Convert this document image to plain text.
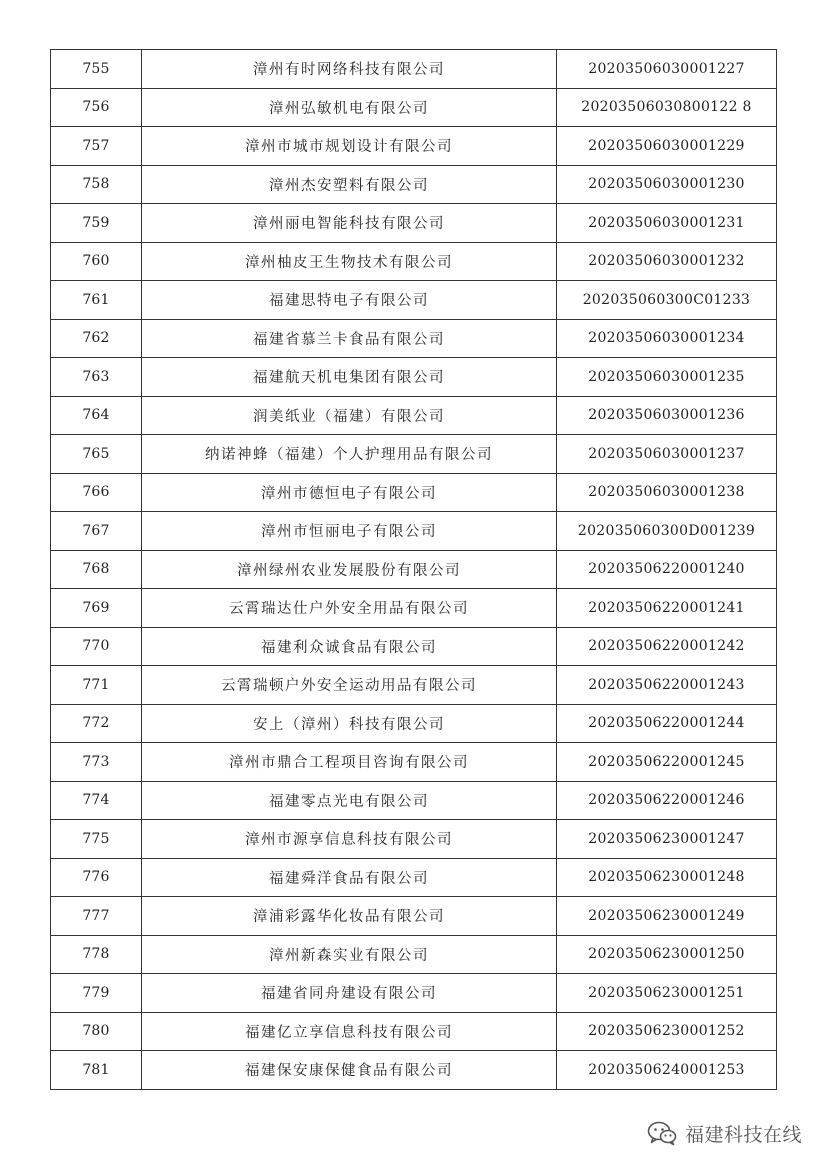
755	漳州有时网络科技有限公司	20203506030001227
756	漳州弘敏机电有限公司	20203506030800122 8
757	漳州市城市规划设计有限公司	20203506030001229
758	漳州杰安塑料有限公司	20203506030001230
759	漳州丽电智能科技有限公司	20203506030001231
760	漳州柚皮王生物技术有限公司	20203506030001232
761	福建思特电子有限公司	202035060300C01233
762	福建省慕兰卡食品有限公司	20203506030001234
763	福建航天机电集团有限公司	20203506030001235
764	润美纸业（福建）有限公司	20203506030001236
765	纳诺神蜂（福建）个人护理用品有限公司	20203506030001237
766	漳州市德恒电子有限公司	20203506030001238
767	漳州市恒丽电子有限公司	202035060300D001239
768	漳州绿州农业发展股份有限公司	20203506220001240
769	云霄瑞达仕户外安全用品有限公司	20203506220001241
770	福建利众诚食品有限公司	20203506220001242
771	云霄瑞顿户外安全运动用品有限公司	20203506220001243
772	安上（漳州）科技有限公司	20203506220001244
773	漳州市鼎合工程项目咨询有限公司	20203506220001245
774	福建零点光电有限公司	20203506220001246
775	漳州市源享信息科技有限公司	20203506230001247
776	福建舜洋食品有限公司	20203506230001248
777	漳浦彩露华化妆品有限公司	20203506230001249
778	漳州新森实业有限公司	20203506230001250
779	福建省同舟建设有限公司	20203506230001251
780	福建亿立享信息科技有限公司	20203506230001252
781	福建保安康保健食品有限公司	20203506240001253
福建科技在线
